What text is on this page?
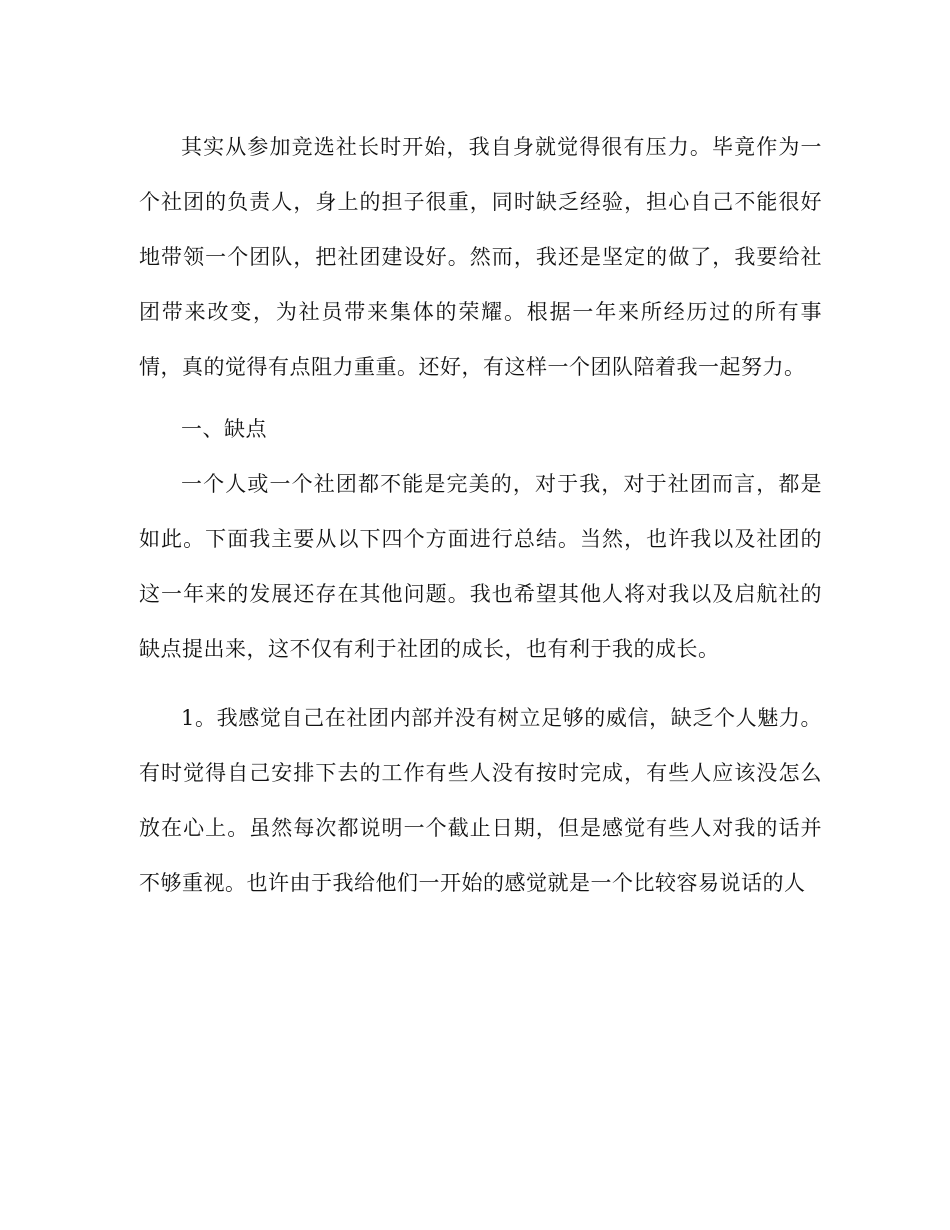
其实从参加竞选社长时开始，我自身就觉得很有压力。毕竟作为一个社团的负责人，身上的担子很重，同时缺乏经验，担心自己不能很好地带领一个团队，把社团建设好。然而，我还是坚定的做了，我要给社团带来改变，为社员带来集体的荣耀。根据一年来所经历过的所有事情，真的觉得有点阻力重重。还好，有这样一个团队陪着我一起努力。

一、缺点

一个人或一个社团都不能是完美的，对于我，对于社团而言，都是如此。下面我主要从以下四个方面进行总结。当然，也许我以及社团的这一年来的发展还存在其他问题。我也希望其他人将对我以及启航社的缺点提出来，这不仅有利于社团的成长，也有利于我的成长。

1。我感觉自己在社团内部并没有树立足够的威信，缺乏个人魅力。有时觉得自己安排下去的工作有些人没有按时完成，有些人应该没怎么放在心上。虽然每次都说明一个截止日期，但是感觉有些人对我的话并不够重视。也许由于我给他们一开始的感觉就是一个比较容易说话的人
